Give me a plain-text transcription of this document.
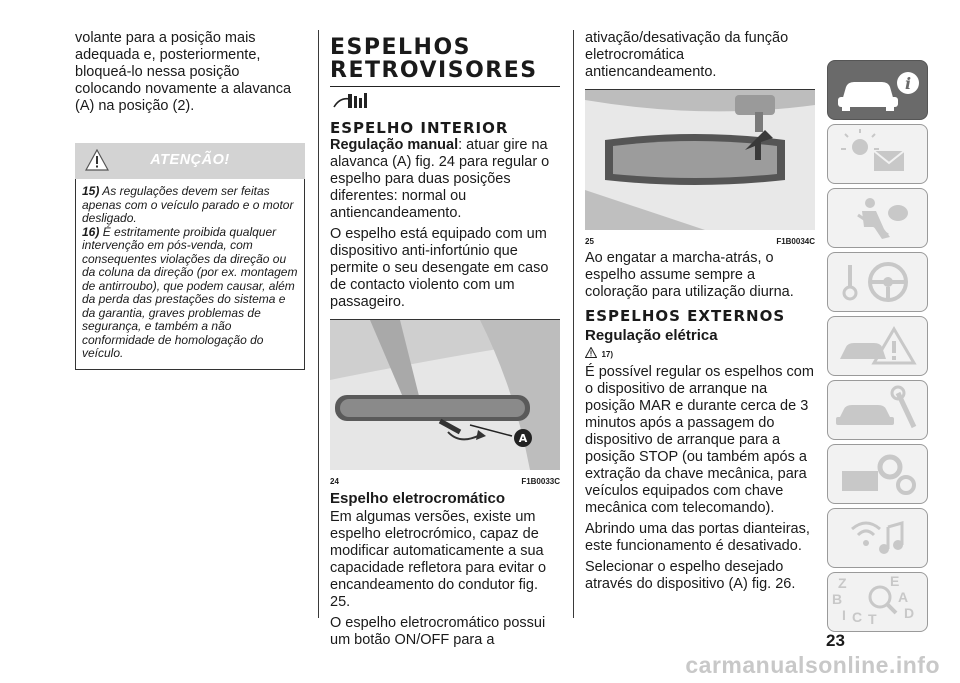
volante para a posição mais adequada e, posteriormente, bloqueá-lo nessa posição colocando novamente a alavanca (A) na posição (2).

ATENÇÃO!
15) As regulações devem ser feitas apenas com o veículo parado e o motor desligado.
16) É estritamente proibida qualquer intervenção em pós-venda, com consequentes violações da direção ou da coluna da direção (por ex. montagem de antirroubo), que podem causar, além da perda das prestações do sistema e da garantia, graves problemas de segurança, e também a não conformidade de homologação do veículo.
ESPELHOS RETROVISORES
ESPELHO INTERIOR

Regulação manual: atuar gire na alavanca (A) fig. 24 para regular o espelho para duas posições diferentes: normal ou antiencandeamento.

O espelho está equipado com um dispositivo anti-infortúnio que permite o seu desengate em caso de contacto violento com um passageiro.

A
24	F1B0033C
Espelho eletrocromático

Em algumas versões, existe um espelho eletrocrómico, capaz de modificar automaticamente a sua capacidade refletora para evitar o encandeamento do condutor fig. 25.

O espelho eletrocromático possui um botão ON/OFF para a

ativação/desativação da função eletrocromática antiencandeamento.

25	F1B0034C

Ao engatar a marcha-atrás, o espelho assume sempre a coloração para utilização diurna.

ESPELHOS EXTERNOS
Regulação elétrica
17)

É possível regular os espelhos com o dispositivo de arranque na posição MAR e durante cerca de 3 minutos após a passagem do dispositivo de arranque para a posição STOP (ou também após a extração da chave mecânica, para veículos equipados com chave mecânica com telecomando).

Abrindo uma das portas dianteiras, este funcionamento é desativado.

Selecionar o espelho desejado através do dispositivo (A) fig. 26.

i
Z	E
B	A
I C T D
23
carmanualsonline.info
